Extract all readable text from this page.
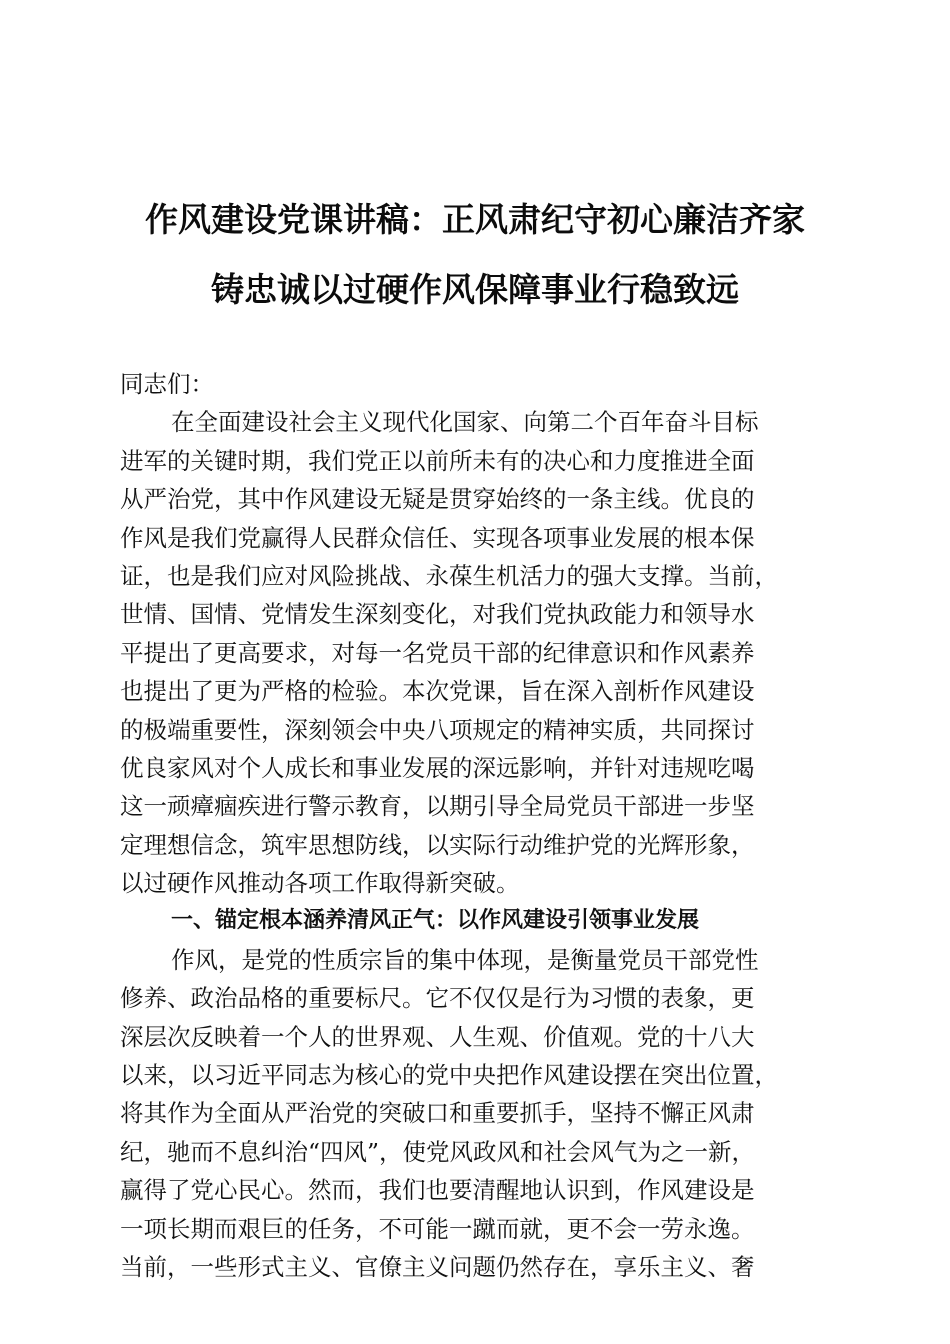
作风建设党课讲稿：正风肃纪守初心廉洁齐家
铸忠诚以过硬作风保障事业行稳致远
同志们：
在全面建设社会主义现代化国家、向第二个百年奋斗目标
进军的关键时期，我们党正以前所未有的决心和力度推进全面
从严治党，其中作风建设无疑是贯穿始终的一条主线。优良的
作风是我们党赢得人民群众信任、实现各项事业发展的根本保
证，也是我们应对风险挑战、永葆生机活力的强大支撑。当前，
世情、国情、党情发生深刻变化，对我们党执政能力和领导水
平提出了更高要求，对每一名党员干部的纪律意识和作风素养
也提出了更为严格的检验。本次党课，旨在深入剖析作风建设
的极端重要性，深刻领会中央八项规定的精神实质，共同探讨
优良家风对个人成长和事业发展的深远影响，并针对违规吃喝
这一顽瘴痼疾进行警示教育，以期引导全局党员干部进一步坚
定理想信念，筑牢思想防线，以实际行动维护党的光辉形象，
以过硬作风推动各项工作取得新突破。
一、锚定根本涵养清风正气：以作风建设引领事业发展
作风，是党的性质宗旨的集中体现，是衡量党员干部党性
修养、政治品格的重要标尺。它不仅仅是行为习惯的表象，更
深层次反映着一个人的世界观、人生观、价值观。党的十八大
以来，以习近平同志为核心的党中央把作风建设摆在突出位置，
将其作为全面从严治党的突破口和重要抓手，坚持不懈正风肃
纪，驰而不息纠治“四风”，使党风政风和社会风气为之一新，
赢得了党心民心。然而，我们也要清醒地认识到，作风建设是
一项长期而艰巨的任务，不可能一蹴而就，更不会一劳永逸。
当前，一些形式主义、官僚主义问题仍然存在，享乐主义、奢
